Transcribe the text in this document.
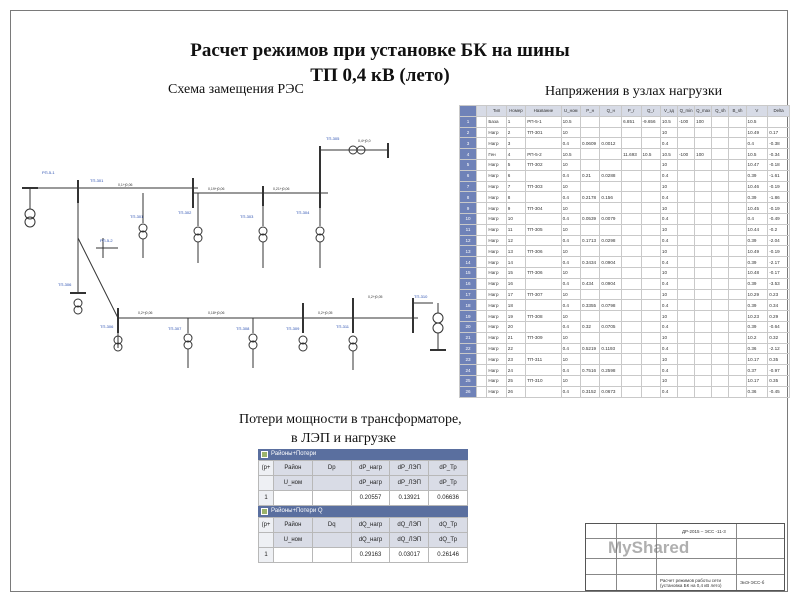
Расчет режимов при установке БК на шины
ТП 0,4 кВ (лето)
Схема замещения РЭС	Напряжения в узлах нагрузки
РП-5-1
ТП-301
ТП-301
ТП-302
ТП-303
ТП-304
ТП-305
РП-5-2
ТП-306
ТП-306	ТП-307	ТП-308	ТП-309	ТП-311
ТП-310
0,1+j0,06
0,19+j0,06	0,21+j0,06
0,4+j0,0
0,2+j0,06	0,18+j0,06	0,2+j0,05
0,2+j0,05
		Тип	Номер	Название	U_ном	P_н	Q_н	P_г	Q_г	V_зд	Q_min	Q_max	Q_sh	B_sh	V	Delta
1		База	1	РП-5-1	10.5			6.851	-9.656	10.5	-100	100			10.5	
2		Нагр	2	ТП-301	10					10					10.49	0.17
3		Нагр	3		0.4	0.0609	0.0012			0.4					0.4	-0.38
4		Ген	4	РП-5-2	10.5			11.693	10.5	10.5	-100	100			10.5	-0.34
5		Нагр	5	ТП-302	10					10					10.47	-0.18
6		Нагр	6		0.4	0.21	0.0288			0.4					0.39	-1.61
7		Нагр	7	ТП-303	10					10					10.46	-0.19
8		Нагр	8		0.4	0.2178	0.156			0.4					0.39	-1.86
9		Нагр	9	ТП-304	10					10					10.45	-0.19
10		Нагр	10		0.4	0.0539	0.0079			0.4					0.4	-0.49
11		Нагр	11	ТП-305	10					10					10.44	-0.2
12		Нагр	12		0.4	0.1713	0.0298			0.4					0.39	-2.04
13		Нагр	13	ТП-306	10					10					10.49	-0.19
14		Нагр	14		0.4	0.3434	0.0904			0.4					0.39	-2.17
15		Нагр	15	ТП-306	10					10					10.48	-0.17
16		Нагр	16		0.4	0.434	0.0904			0.4					0.39	-3.53
17		Нагр	17	ТП-307	10					10					10.29	0.23
18		Нагр	18		0.4	0.3355	0.0798			0.4					0.39	0.34
19		Нагр	19	ТП-308	10					10					10.23	0.29
20		Нагр	20		0.4	0.32	0.0705			0.4					0.39	-0.64
21		Нагр	21	ТП-309	10					10					10.2	0.32
22		Нагр	22		0.4	0.5219	0.1193			0.4					0.36	-2.12
23		Нагр	23	ТП-311	10					10					10.17	0.35
24		Нагр	24		0.4	0.7516	0.2598			0.4					0.37	-0.97
25		Нагр	25	ТП-310	10					10					10.17	0.35
26		Нагр	26		0.4	0.3152	0.0673			0.4					0.36	-0.45
Потери мощности в трансформаторе,
в ЛЭП и нагрузке
Районы+Потери
(р+	Район	Dp	dP_нагр	dP_ЛЭП	dP_Тр
	U_ном		dP_нагр	dP_ЛЭП	dP_Тр
1			0.20557	0.13921	0.06636
Районы+Потери Q
(р+	Район	Dq	dQ_нагр	dQ_ЛЭП	dQ_Тр
	U_ном		dQ_нагр	dQ_ЛЭП	dQ_Тр
1			0.29163	0.03017	0.26146
ДР-2015 – ЭСС -11-3
Расчет режимов работы сети (установка БК на 0,4 кВ лето)
ЭиЭ-ЭСС-б
MyShared
